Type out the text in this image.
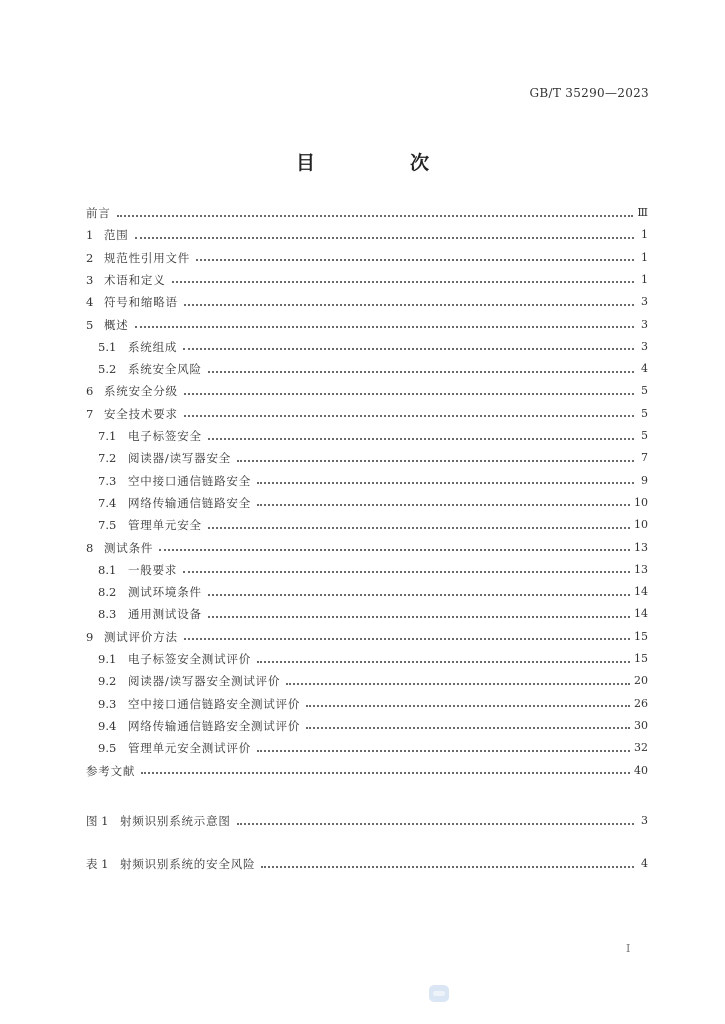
GB/T 35290—2023
目　次
前言	Ⅲ
1 范围	1
2 规范性引用文件	1
3 术语和定义	1
4 符号和缩略语	3
5 概述	3
5.1	系统组成	3
5.2	系统安全风险	4
6 系统安全分级	5
7 安全技术要求	5
7.1	电子标签安全	5
7.2	阅读器/读写器安全	7
7.3	空中接口通信链路安全	9
7.4	网络传输通信链路安全	10
7.5	管理单元安全	10
8 测试条件	13
8.1	一般要求	13
8.2	测试环境条件	14
8.3	通用测试设备	14
9 测试评价方法	15
9.1	电子标签安全测试评价	15
9.2	阅读器/读写器安全测试评价	20
9.3	空中接口通信链路安全测试评价	26
9.4	网络传输通信链路安全测试评价	30
9.5	管理单元安全测试评价	32
参考文献	40
图 1	射频识别系统示意图	3
表 1	射频识别系统的安全风险	4
I
